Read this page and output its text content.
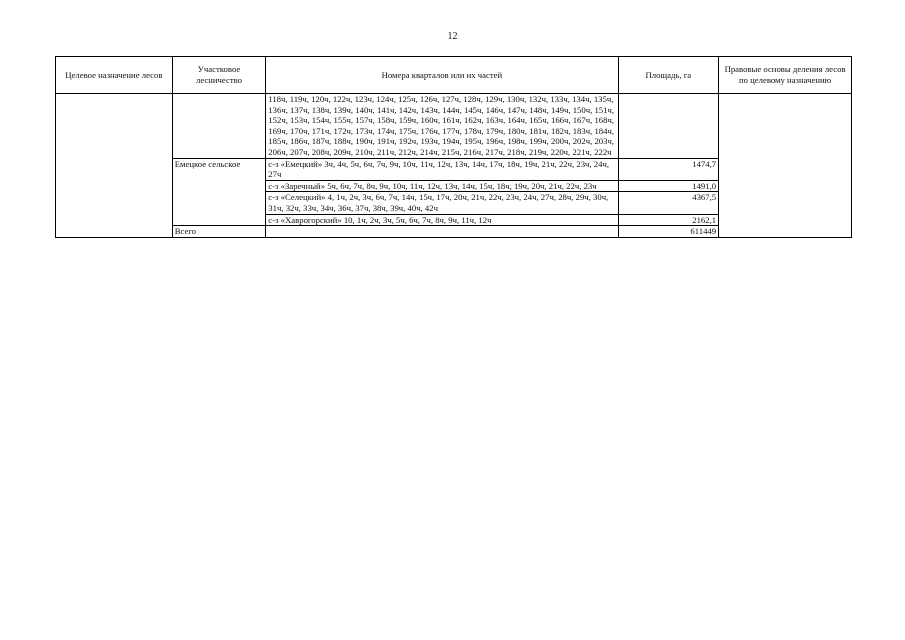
12
Целевое назначение лесов	Участковое лесничество	Номера кварталов или их частей	Площадь, га	Правовые основы деления лесов по целевому назначению
		118ч, 119ч, 120ч, 122ч, 123ч, 124ч, 125ч, 126ч, 127ч, 128ч, 129ч, 130ч, 132ч, 133ч, 134ч, 135ч, 136ч, 137ч, 138ч, 139ч, 140ч, 141ч, 142ч, 143ч, 144ч, 145ч, 146ч, 147ч, 148ч, 149ч, 150ч, 151ч, 152ч, 153ч, 154ч, 155ч, 157ч, 158ч, 159ч, 160ч, 161ч, 162ч, 163ч, 164ч, 165ч, 166ч, 167ч, 168ч, 169ч, 170ч, 171ч, 172ч, 173ч, 174ч, 175ч, 176ч, 177ч, 178ч, 179ч, 180ч, 181ч, 182ч, 183ч, 184ч, 185ч, 186ч, 187ч, 188ч, 190ч, 191ч, 192ч, 193ч, 194ч, 195ч, 196ч, 198ч, 199ч, 200ч, 202ч, 203ч, 206ч, 207ч, 208ч, 209ч, 210ч, 211ч, 212ч, 214ч, 215ч, 216ч, 217ч, 218ч, 219ч, 220ч, 221ч, 222ч		
	Емецкое сельское	с-з «Емецкий» 3ч, 4ч, 5ч, 6ч, 7ч, 9ч, 10ч, 11ч, 12ч, 13ч, 14ч, 17ч, 18ч, 19ч, 21ч, 22ч, 23ч, 24ч, 27ч	1474,7	
		с-з «Заречный» 5ч, 6ч, 7ч, 8ч, 9ч, 10ч, 11ч, 12ч, 13ч, 14ч, 15ч, 18ч, 19ч, 20ч, 21ч, 22ч, 23ч	1491,0	
		с-з «Селецкий» 4, 1ч, 2ч, 3ч, 6ч, 7ч, 14ч, 15ч, 17ч, 20ч, 21ч, 22ч, 23ч, 24ч, 27ч, 28ч, 29ч, 30ч, 31ч, 32ч, 33ч, 34ч, 36ч, 37ч, 38ч, 39ч, 40ч, 42ч	4367,5	
		с-з «Хаврогорский» 10, 1ч, 2ч, 3ч, 5ч, 6ч, 7ч, 8ч, 9ч, 11ч, 12ч	2162,1	
	Всего		611449	
